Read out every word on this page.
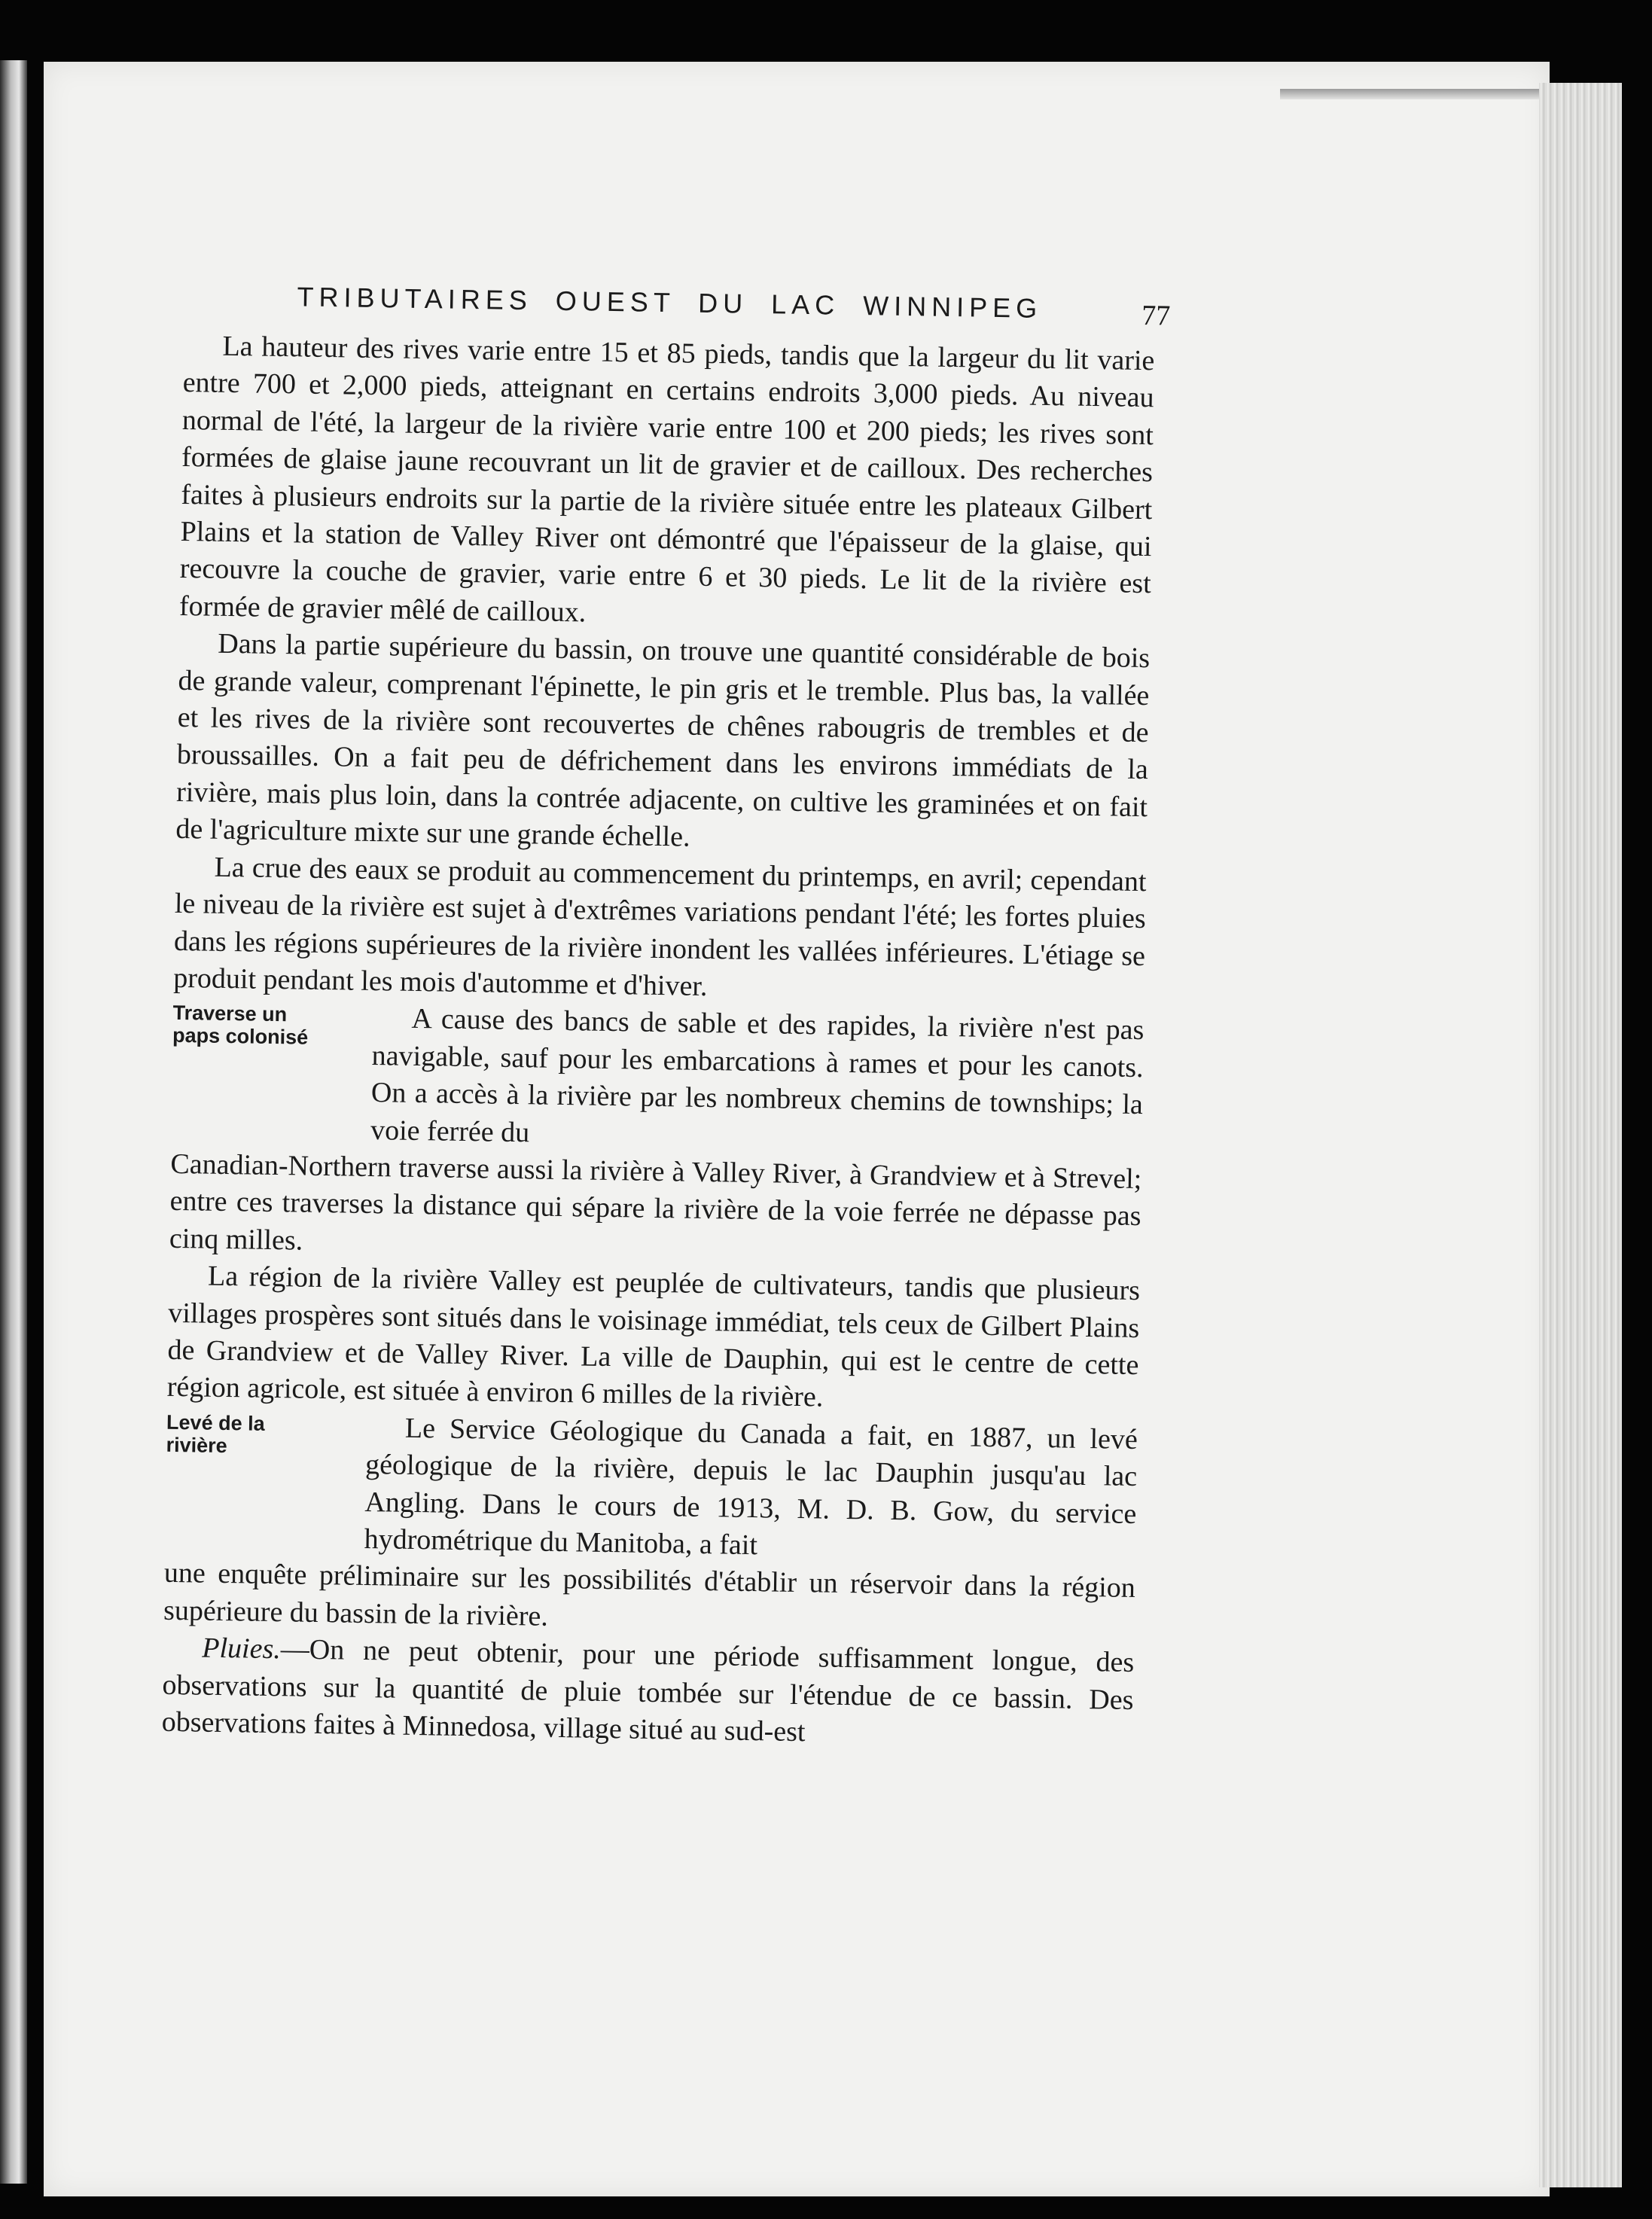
TRIBUTAIRES OUEST DU LAC WINNIPEG	77

La hauteur des rives varie entre 15 et 85 pieds, tandis que la largeur du lit varie entre 700 et 2,000 pieds, atteignant en certains endroits 3,000 pieds. Au niveau normal de l'été, la largeur de la rivière varie entre 100 et 200 pieds; les rives sont formées de glaise jaune recouvrant un lit de gravier et de cailloux. Des recherches faites à plusieurs endroits sur la partie de la rivière située entre les plateaux Gilbert Plains et la station de Valley River ont démontré que l'épaisseur de la glaise, qui recouvre la couche de gravier, varie entre 6 et 30 pieds. Le lit de la rivière est formée de gravier mêlé de cailloux.

Dans la partie supérieure du bassin, on trouve une quantité considérable de bois de grande valeur, comprenant l'épinette, le pin gris et le tremble. Plus bas, la vallée et les rives de la rivière sont recouvertes de chênes rabougris de trembles et de broussailles. On a fait peu de défrichement dans les environs immédiats de la rivière, mais plus loin, dans la contrée adjacente, on cultive les graminées et on fait de l'agriculture mixte sur une grande échelle.

La crue des eaux se produit au commencement du printemps, en avril; cependant le niveau de la rivière est sujet à d'extrêmes variations pendant l'été; les fortes pluies dans les régions supérieures de la rivière inondent les vallées inférieures. L'étiage se produit pendant les mois d'automme et d'hiver.

Traverse un
paps colonisé	A cause des bancs de sable et des rapides, la rivière n'est pas navigable, sauf pour les embarcations à rames et pour les canots. On a accès à la rivière par les nombreux chemins de townships; la voie ferrée du

Canadian-Northern traverse aussi la rivière à Valley River, à Grandview et à Strevel; entre ces traverses la distance qui sépare la rivière de la voie ferrée ne dépasse pas cinq milles.

La région de la rivière Valley est peuplée de cultivateurs, tandis que plusieurs villages prospères sont situés dans le voisinage immédiat, tels ceux de Gilbert Plains de Grandview et de Valley River. La ville de Dauphin, qui est le centre de cette région agricole, est située à environ 6 milles de la rivière.

Levé de la
rivière	Le Service Géologique du Canada a fait, en 1887, un levé géologique de la rivière, depuis le lac Dauphin jusqu'au lac Angling. Dans le cours de 1913, M. D. B. Gow, du service hydrométrique du Manitoba, a fait

une enquête préliminaire sur les possibilités d'établir un réservoir dans la région supérieure du bassin de la rivière.

Pluies.—On ne peut obtenir, pour une période suffisamment longue, des observations sur la quantité de pluie tombée sur l'étendue de ce bassin. Des observations faites à Minnedosa, village situé au sud-est
